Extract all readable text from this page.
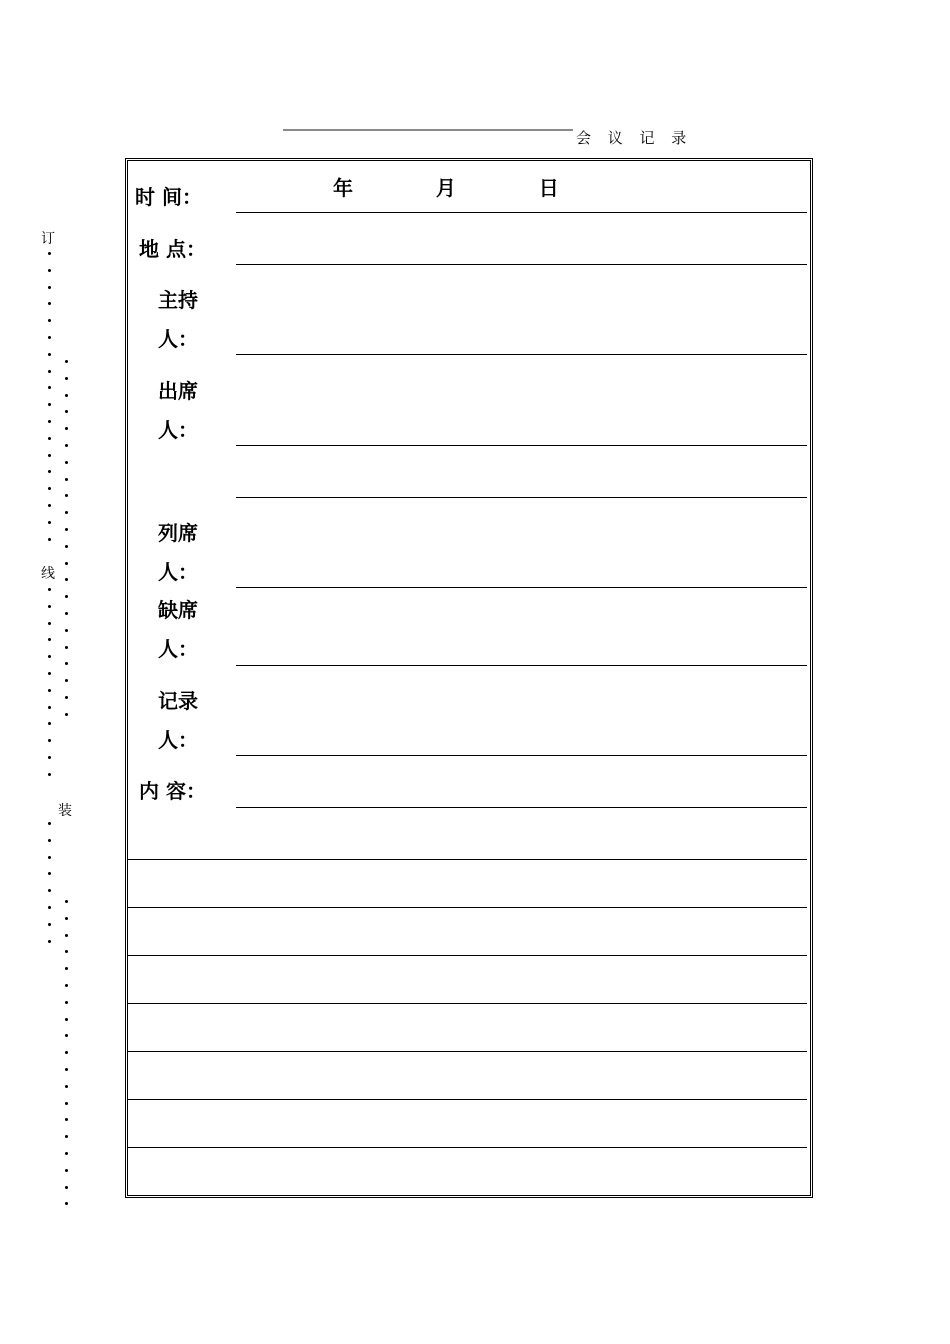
会 议 记 录
订
线
装
时 间：	年   月   日
地 点：
主持
人：
出席
人：
列席
人：
缺席
人：
记录
人：
内 容：
